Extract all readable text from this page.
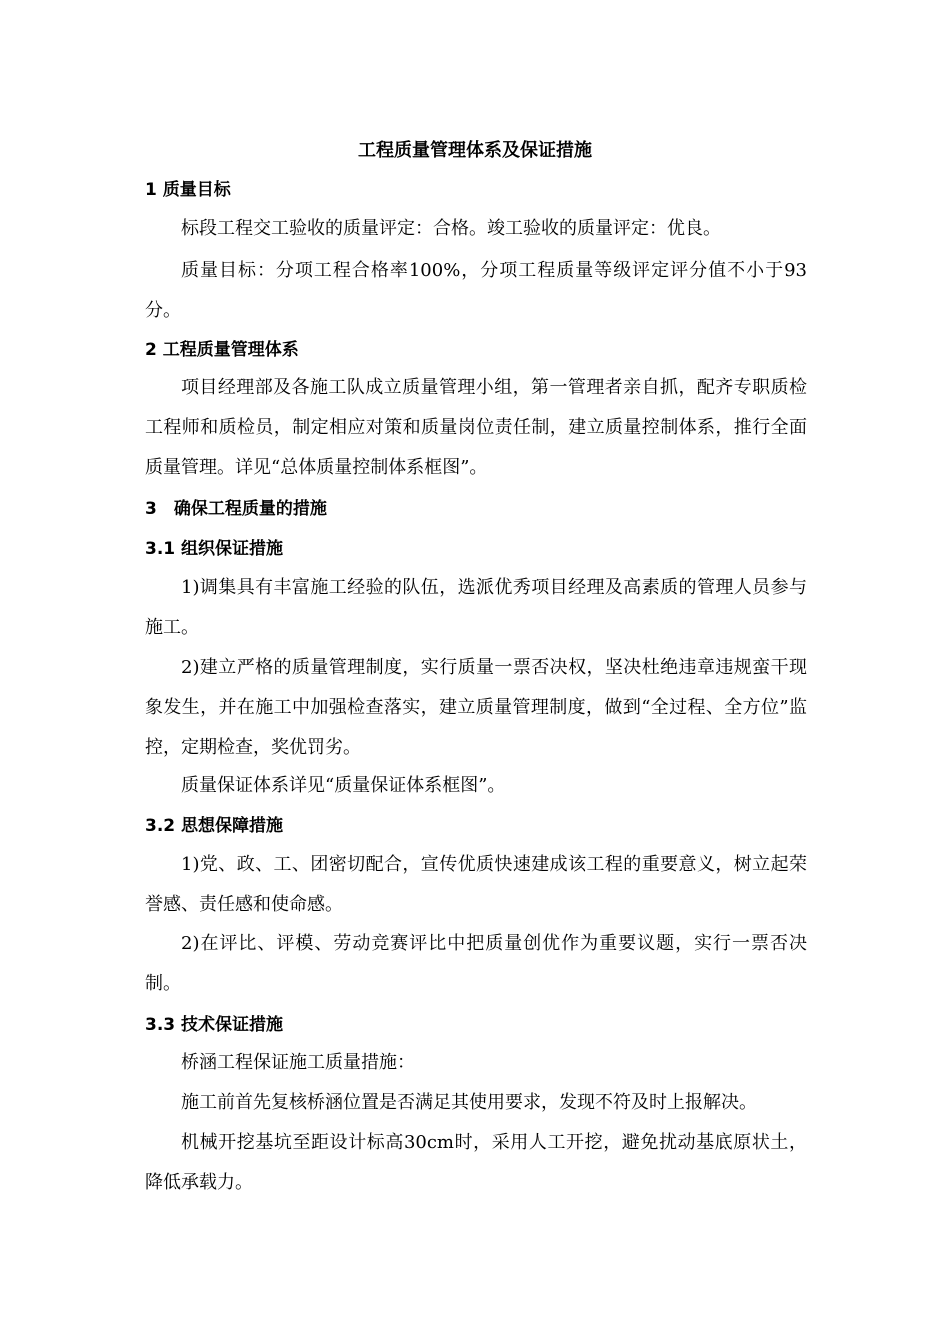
工程质量管理体系及保证措施
1 质量目标
标段工程交工验收的质量评定：合格。竣工验收的质量评定：优良。
质量目标：分项工程合格率100%，分项工程质量等级评定评分值不小于93分。
2 工程质量管理体系
项目经理部及各施工队成立质量管理小组，第一管理者亲自抓，配齐专职质检工程师和质检员，制定相应对策和质量岗位责任制，建立质量控制体系，推行全面质量管理。详见“总体质量控制体系框图”。
3　确保工程质量的措施
3.1 组织保证措施
1)调集具有丰富施工经验的队伍，选派优秀项目经理及高素质的管理人员参与施工。
2)建立严格的质量管理制度，实行质量一票否决权，坚决杜绝违章违规蛮干现象发生，并在施工中加强检查落实，建立质量管理制度，做到“全过程、全方位”监控，定期检查，奖优罚劣。
质量保证体系详见“质量保证体系框图”。
3.2 思想保障措施
1)党、政、工、团密切配合，宣传优质快速建成该工程的重要意义，树立起荣誉感、责任感和使命感。
2)在评比、评模、劳动竞赛评比中把质量创优作为重要议题，实行一票否决制。
3.3 技术保证措施
桥涵工程保证施工质量措施：
施工前首先复核桥涵位置是否满足其使用要求，发现不符及时上报解决。
机械开挖基坑至距设计标高30cm时，采用人工开挖，避免扰动基底原状土，降低承载力。
